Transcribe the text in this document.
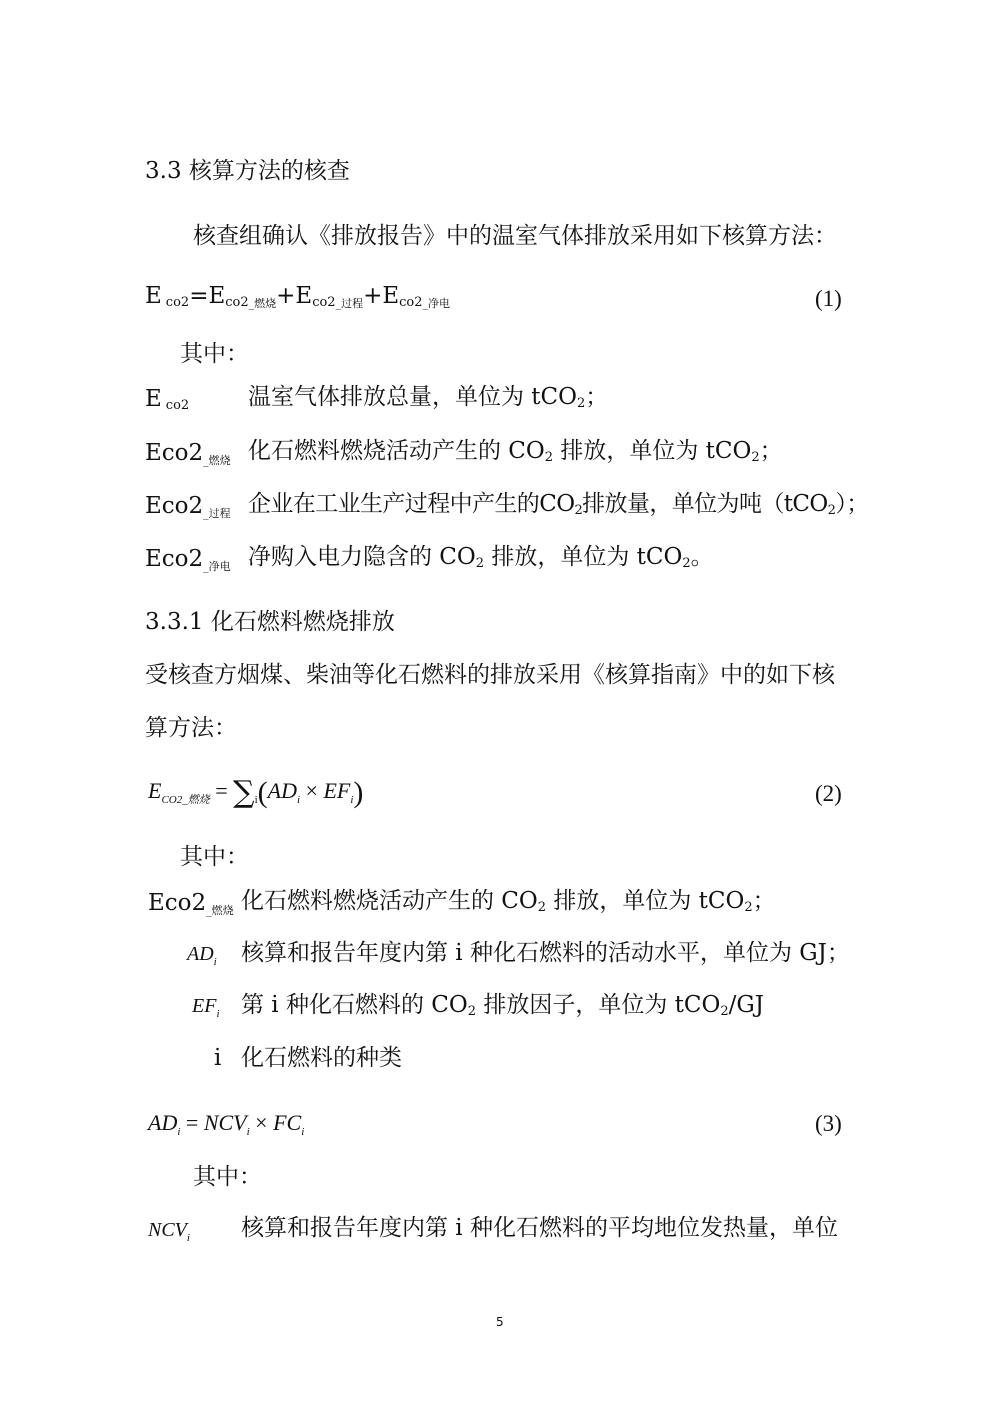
3.3 核算方法的核查
核查组确认《排放报告》中的温室气体排放采用如下核算方法：
E $_{co2}=E_{co2}\_$燃烧$+E_{co2}\_$过程$+E_{co2}\_$净电	(1)
其中：
E $_{co2}$	温室气体排放总量，单位为 tCO$_2$；
Eco2_燃烧 化石燃料燃烧活动产生的 $CO_2$ 排放，单位为 tCO$_2$；
Eco2_过程 企业在工业生产过程中产生的$CO_2$排放量，单位为吨（tCO$_2$）；
Eco2_净电 净购入电力隐含的 $CO_2$ 排放，单位为 tCO$_2$。
3.3.1 化石燃料燃烧排放
受核查方烟煤、柴油等化石燃料的排放采用《核算指南》中的如下核
算方法：
$E_{CO2\_燃烧} = \sum_i(AD_i \times EF_i)$	(2)
其中：
Eco2_燃烧 化石燃料燃烧活动产生的 $CO_2$ 排放，单位为 tCO$_2$；
$AD_i$ 核算和报告年度内第 i 种化石燃料的活动水平，单位为 GJ；
$EF_i$ 第 i 种化石燃料的 $CO_2$ 排放因子，单位为 tCO$_2$/GJ
i 化石燃料的种类
$AD_i = NCV_i \times FC_i$	(3)
其中：
$NCV_i$ 核算和报告年度内第 i 种化石燃料的平均地位发热量，单位
5
